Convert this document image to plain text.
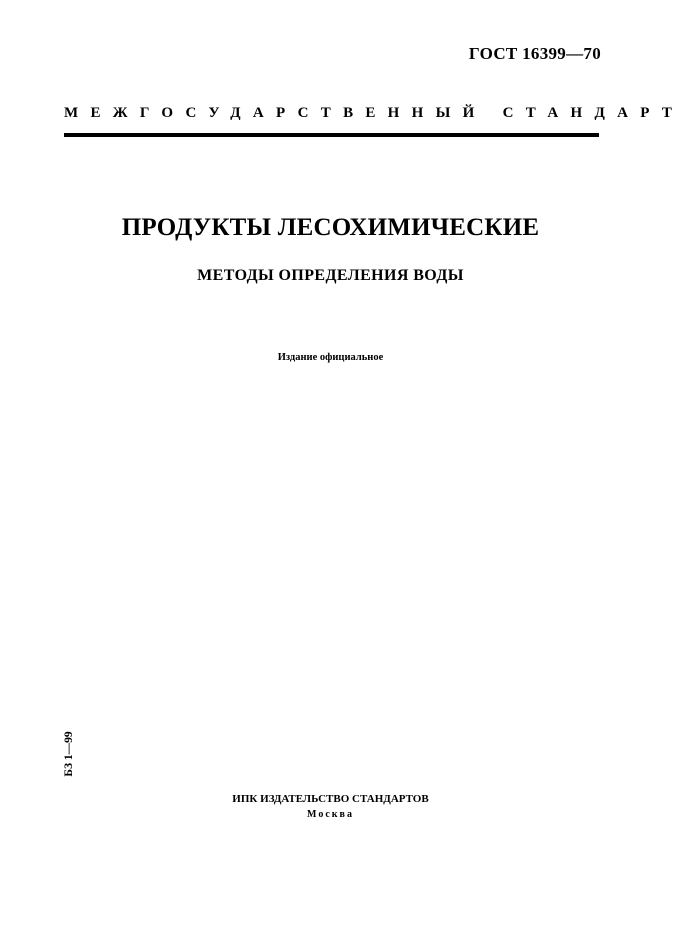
ГОСТ 16399—70
МЕЖГОСУДАРСТВЕННЫЙ СТАНДАРТ
ПРОДУКТЫ ЛЕСОХИМИЧЕСКИЕ
МЕТОДЫ ОПРЕДЕЛЕНИЯ ВОДЫ
Издание официальное
БЗ 1—99
ИПК ИЗДАТЕЛЬСТВО СТАНДАРТОВ
Москва
